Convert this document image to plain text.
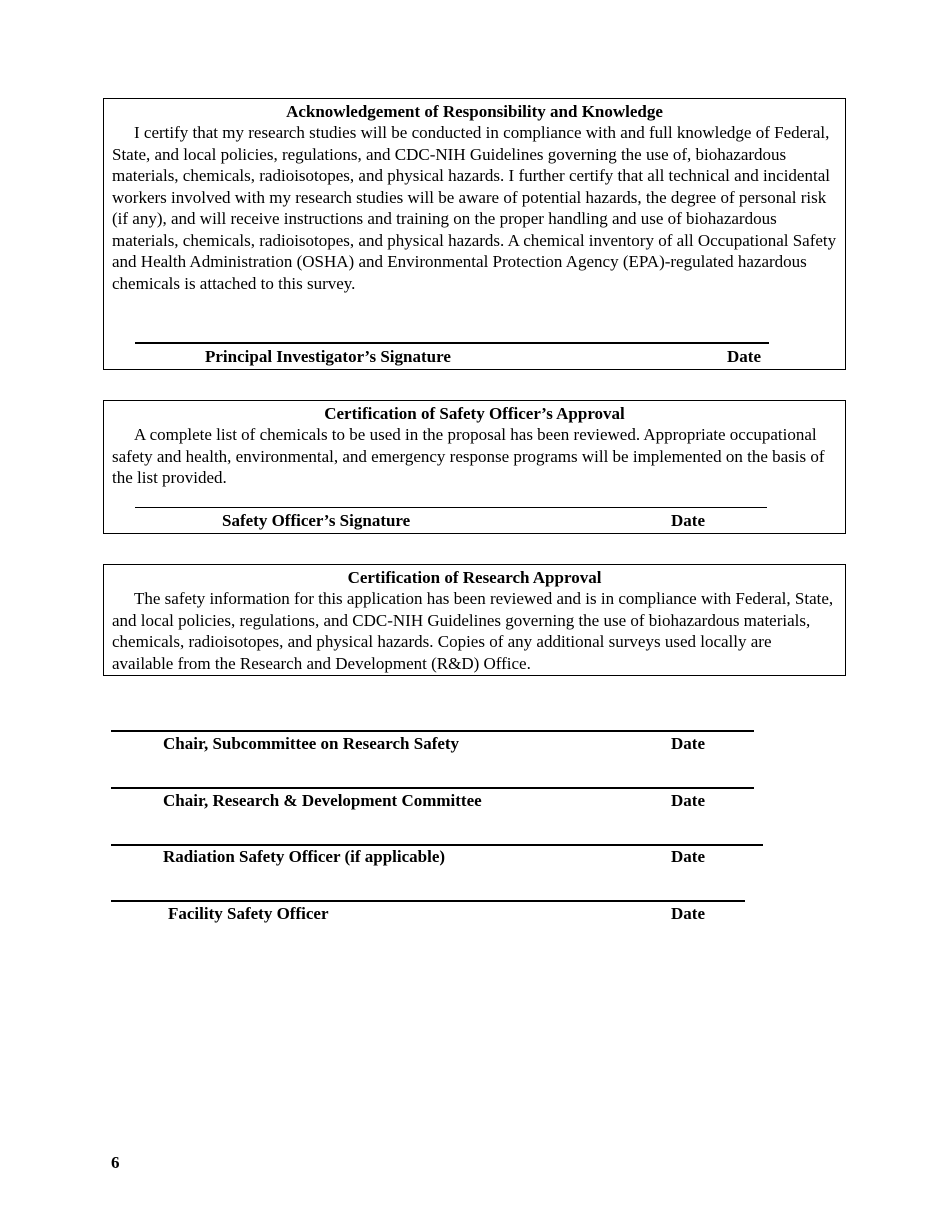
Acknowledgement of Responsibility and Knowledge

I certify that my research studies will be conducted in compliance with and full knowledge of Federal, State, and local policies, regulations, and CDC-NIH Guidelines governing the use of, biohazardous materials, chemicals, radioisotopes, and physical hazards. I further certify that all technical and incidental workers involved with my research studies will be aware of potential hazards, the degree of personal risk (if any), and will receive instructions and training on the proper handling and use of biohazardous materials, chemicals, radioisotopes, and physical hazards. A chemical inventory of all Occupational Safety and Health Administration (OSHA) and Environmental Protection Agency (EPA)-regulated hazardous chemicals is attached to this survey.

Principal Investigator’s Signature	Date

Certification of Safety Officer’s Approval

A complete list of chemicals to be used in the proposal has been reviewed. Appropriate occupational safety and health, environmental, and emergency response programs will be implemented on the basis of the list provided.

Safety Officer’s Signature	Date

Certification of Research Approval

The safety information for this application has been reviewed and is in compliance with Federal, State, and local policies, regulations, and CDC-NIH Guidelines governing the use of biohazardous materials, chemicals, radioisotopes, and physical hazards. Copies of any additional surveys used locally are available from the Research and Development (R&D) Office.

Chair, Subcommittee on Research Safety	Date
Chair, Research & Development Committee	Date
Radiation Safety Officer (if applicable)	Date
Facility Safety Officer	Date
6
